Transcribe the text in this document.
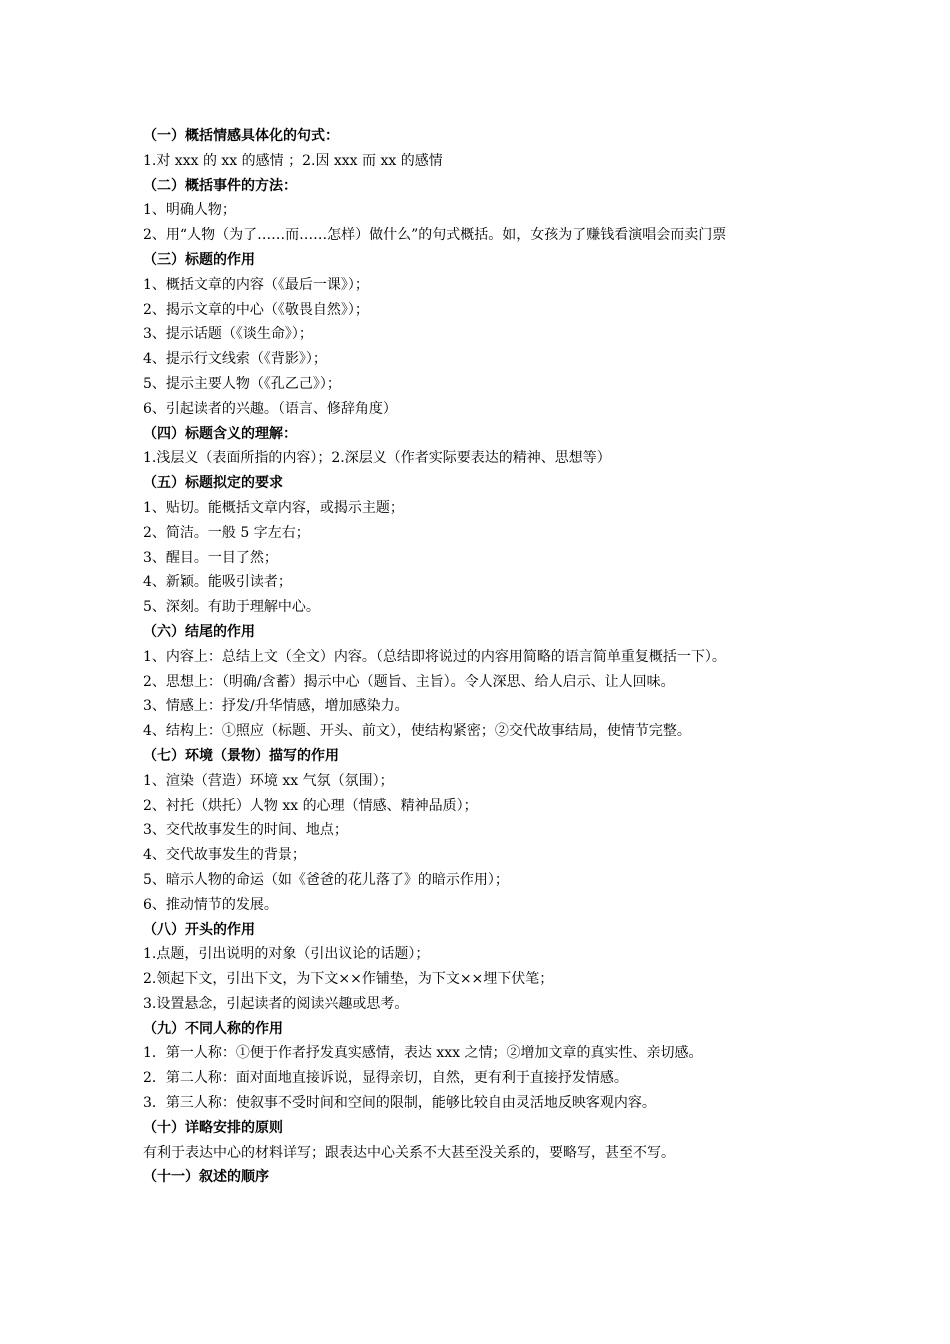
（一）概括情感具体化的句式：
1.对 xxx 的 xx 的感情 ；2.因 xxx 而 xx 的感情
（二）概括事件的方法：
1、明确人物；
2、用“人物（为了……而……怎样）做什么”的句式概括。如，女孩为了赚钱看演唱会而卖门票
（三）标题的作用
1、概括文章的内容（《最后一课》）；
2、揭示文章的中心（《敬畏自然》）；
3、提示话题（《谈生命》）；
4、提示行文线索（《背影》）；
5、提示主要人物（《孔乙己》）；
6、引起读者的兴趣。（语言、修辞角度）
（四）标题含义的理解：
1.浅层义（表面所指的内容）；2.深层义（作者实际要表达的精神、思想等）
（五）标题拟定的要求
1、贴切。能概括文章内容，或揭示主题；
2、简洁。一般 5 字左右；
3、醒目。一目了然；
4、新颖。能吸引读者；
5、深刻。有助于理解中心。
（六）结尾的作用
1、内容上：总结上文（全文）内容。（总结即将说过的内容用简略的语言简单重复概括一下）。
2、思想上：（明确/含蓄）揭示中心（题旨、主旨）。令人深思、给人启示、让人回味。
3、情感上：抒发/升华情感，增加感染力。
4、结构上：①照应（标题、开头、前文），使结构紧密；②交代故事结局，使情节完整。
（七）环境（景物）描写的作用
1、渲染（营造）环境 xx 气氛（氛围）；
2、衬托（烘托）人物 xx 的心理（情感、精神品质）；
3、交代故事发生的时间、地点；
4、交代故事发生的背景；
5、暗示人物的命运（如《爸爸的花儿落了》的暗示作用）；
6、推动情节的发展。
（八）开头的作用
1.点题，引出说明的对象（引出议论的话题）；
2.领起下文，引出下文，为下文××作铺垫，为下文××埋下伏笔；
3.设置悬念，引起读者的阅读兴趣或思考。
（九）不同人称的作用
1．第一人称：①便于作者抒发真实感情，表达 xxx 之情；②增加文章的真实性、亲切感。
2．第二人称：面对面地直接诉说，显得亲切，自然，更有利于直接抒发情感。
3．第三人称：使叙事不受时间和空间的限制，能够比较自由灵活地反映客观内容。
（十）详略安排的原则
有利于表达中心的材料详写；跟表达中心关系不大甚至没关系的，要略写，甚至不写。
（十一）叙述的顺序
